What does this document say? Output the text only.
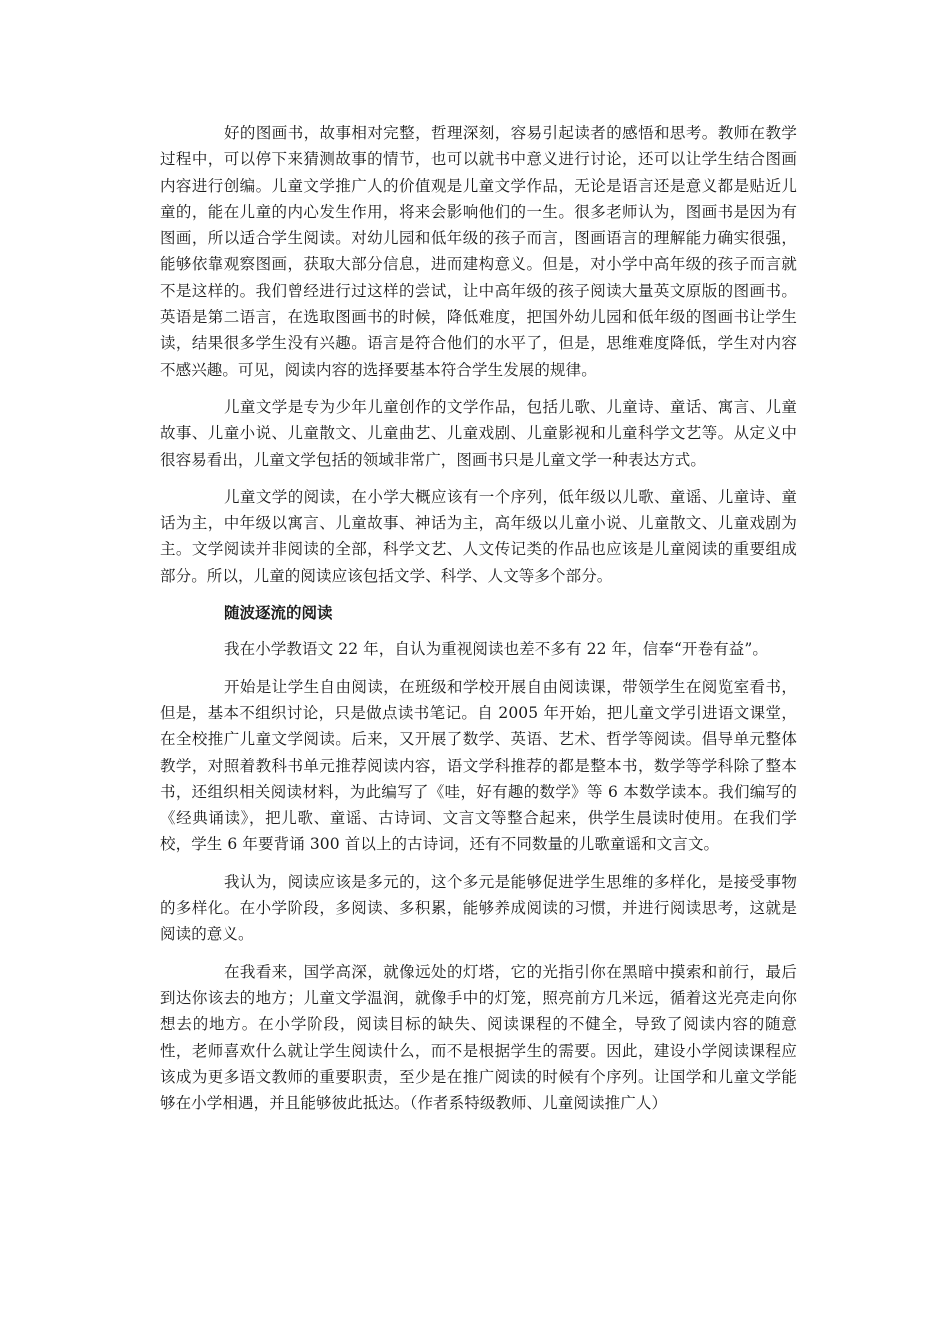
好的图画书，故事相对完整，哲理深刻，容易引起读者的感悟和思考。教师在教学过程中，可以停下来猜测故事的情节，也可以就书中意义进行讨论，还可以让学生结合图画内容进行创编。儿童文学推广人的价值观是儿童文学作品，无论是语言还是意义都是贴近儿童的，能在儿童的内心发生作用，将来会影响他们的一生。很多老师认为，图画书是因为有图画，所以适合学生阅读。对幼儿园和低年级的孩子而言，图画语言的理解能力确实很强，能够依靠观察图画，获取大部分信息，进而建构意义。但是，对小学中高年级的孩子而言就不是这样的。我们曾经进行过这样的尝试，让中高年级的孩子阅读大量英文原版的图画书。英语是第二语言，在选取图画书的时候，降低难度，把国外幼儿园和低年级的图画书让学生读，结果很多学生没有兴趣。语言是符合他们的水平了，但是，思维难度降低，学生对内容不感兴趣。可见，阅读内容的选择要基本符合学生发展的规律。

儿童文学是专为少年儿童创作的文学作品，包括儿歌、儿童诗、童话、寓言、儿童故事、儿童小说、儿童散文、儿童曲艺、儿童戏剧、儿童影视和儿童科学文艺等。从定义中很容易看出，儿童文学包括的领域非常广，图画书只是儿童文学一种表达方式。

儿童文学的阅读，在小学大概应该有一个序列，低年级以儿歌、童谣、儿童诗、童话为主，中年级以寓言、儿童故事、神话为主，高年级以儿童小说、儿童散文、儿童戏剧为主。文学阅读并非阅读的全部，科学文艺、人文传记类的作品也应该是儿童阅读的重要组成部分。所以，儿童的阅读应该包括文学、科学、人文等多个部分。

随波逐流的阅读

我在小学教语文 22 年，自认为重视阅读也差不多有 22 年，信奉“开卷有益”。

开始是让学生自由阅读，在班级和学校开展自由阅读课，带领学生在阅览室看书，但是，基本不组织讨论，只是做点读书笔记。自 2005 年开始，把儿童文学引进语文课堂，在全校推广儿童文学阅读。后来，又开展了数学、英语、艺术、哲学等阅读。倡导单元整体教学，对照着教科书单元推荐阅读内容，语文学科推荐的都是整本书，数学等学科除了整本书，还组织相关阅读材料，为此编写了《哇，好有趣的数学》等 6 本数学读本。我们编写的《经典诵读》，把儿歌、童谣、古诗词、文言文等整合起来，供学生晨读时使用。在我们学校，学生 6 年要背诵 300 首以上的古诗词，还有不同数量的儿歌童谣和文言文。

我认为，阅读应该是多元的，这个多元是能够促进学生思维的多样化，是接受事物的多样化。在小学阶段，多阅读、多积累，能够养成阅读的习惯，并进行阅读思考，这就是阅读的意义。

在我看来，国学高深，就像远处的灯塔，它的光指引你在黑暗中摸索和前行，最后到达你该去的地方；儿童文学温润，就像手中的灯笼，照亮前方几米远，循着这光亮走向你想去的地方。在小学阶段，阅读目标的缺失、阅读课程的不健全，导致了阅读内容的随意性，老师喜欢什么就让学生阅读什么，而不是根据学生的需要。因此，建设小学阅读课程应该成为更多语文教师的重要职责，至少是在推广阅读的时候有个序列。让国学和儿童文学能够在小学相遇，并且能够彼此抵达。（作者系特级教师、儿童阅读推广人）
